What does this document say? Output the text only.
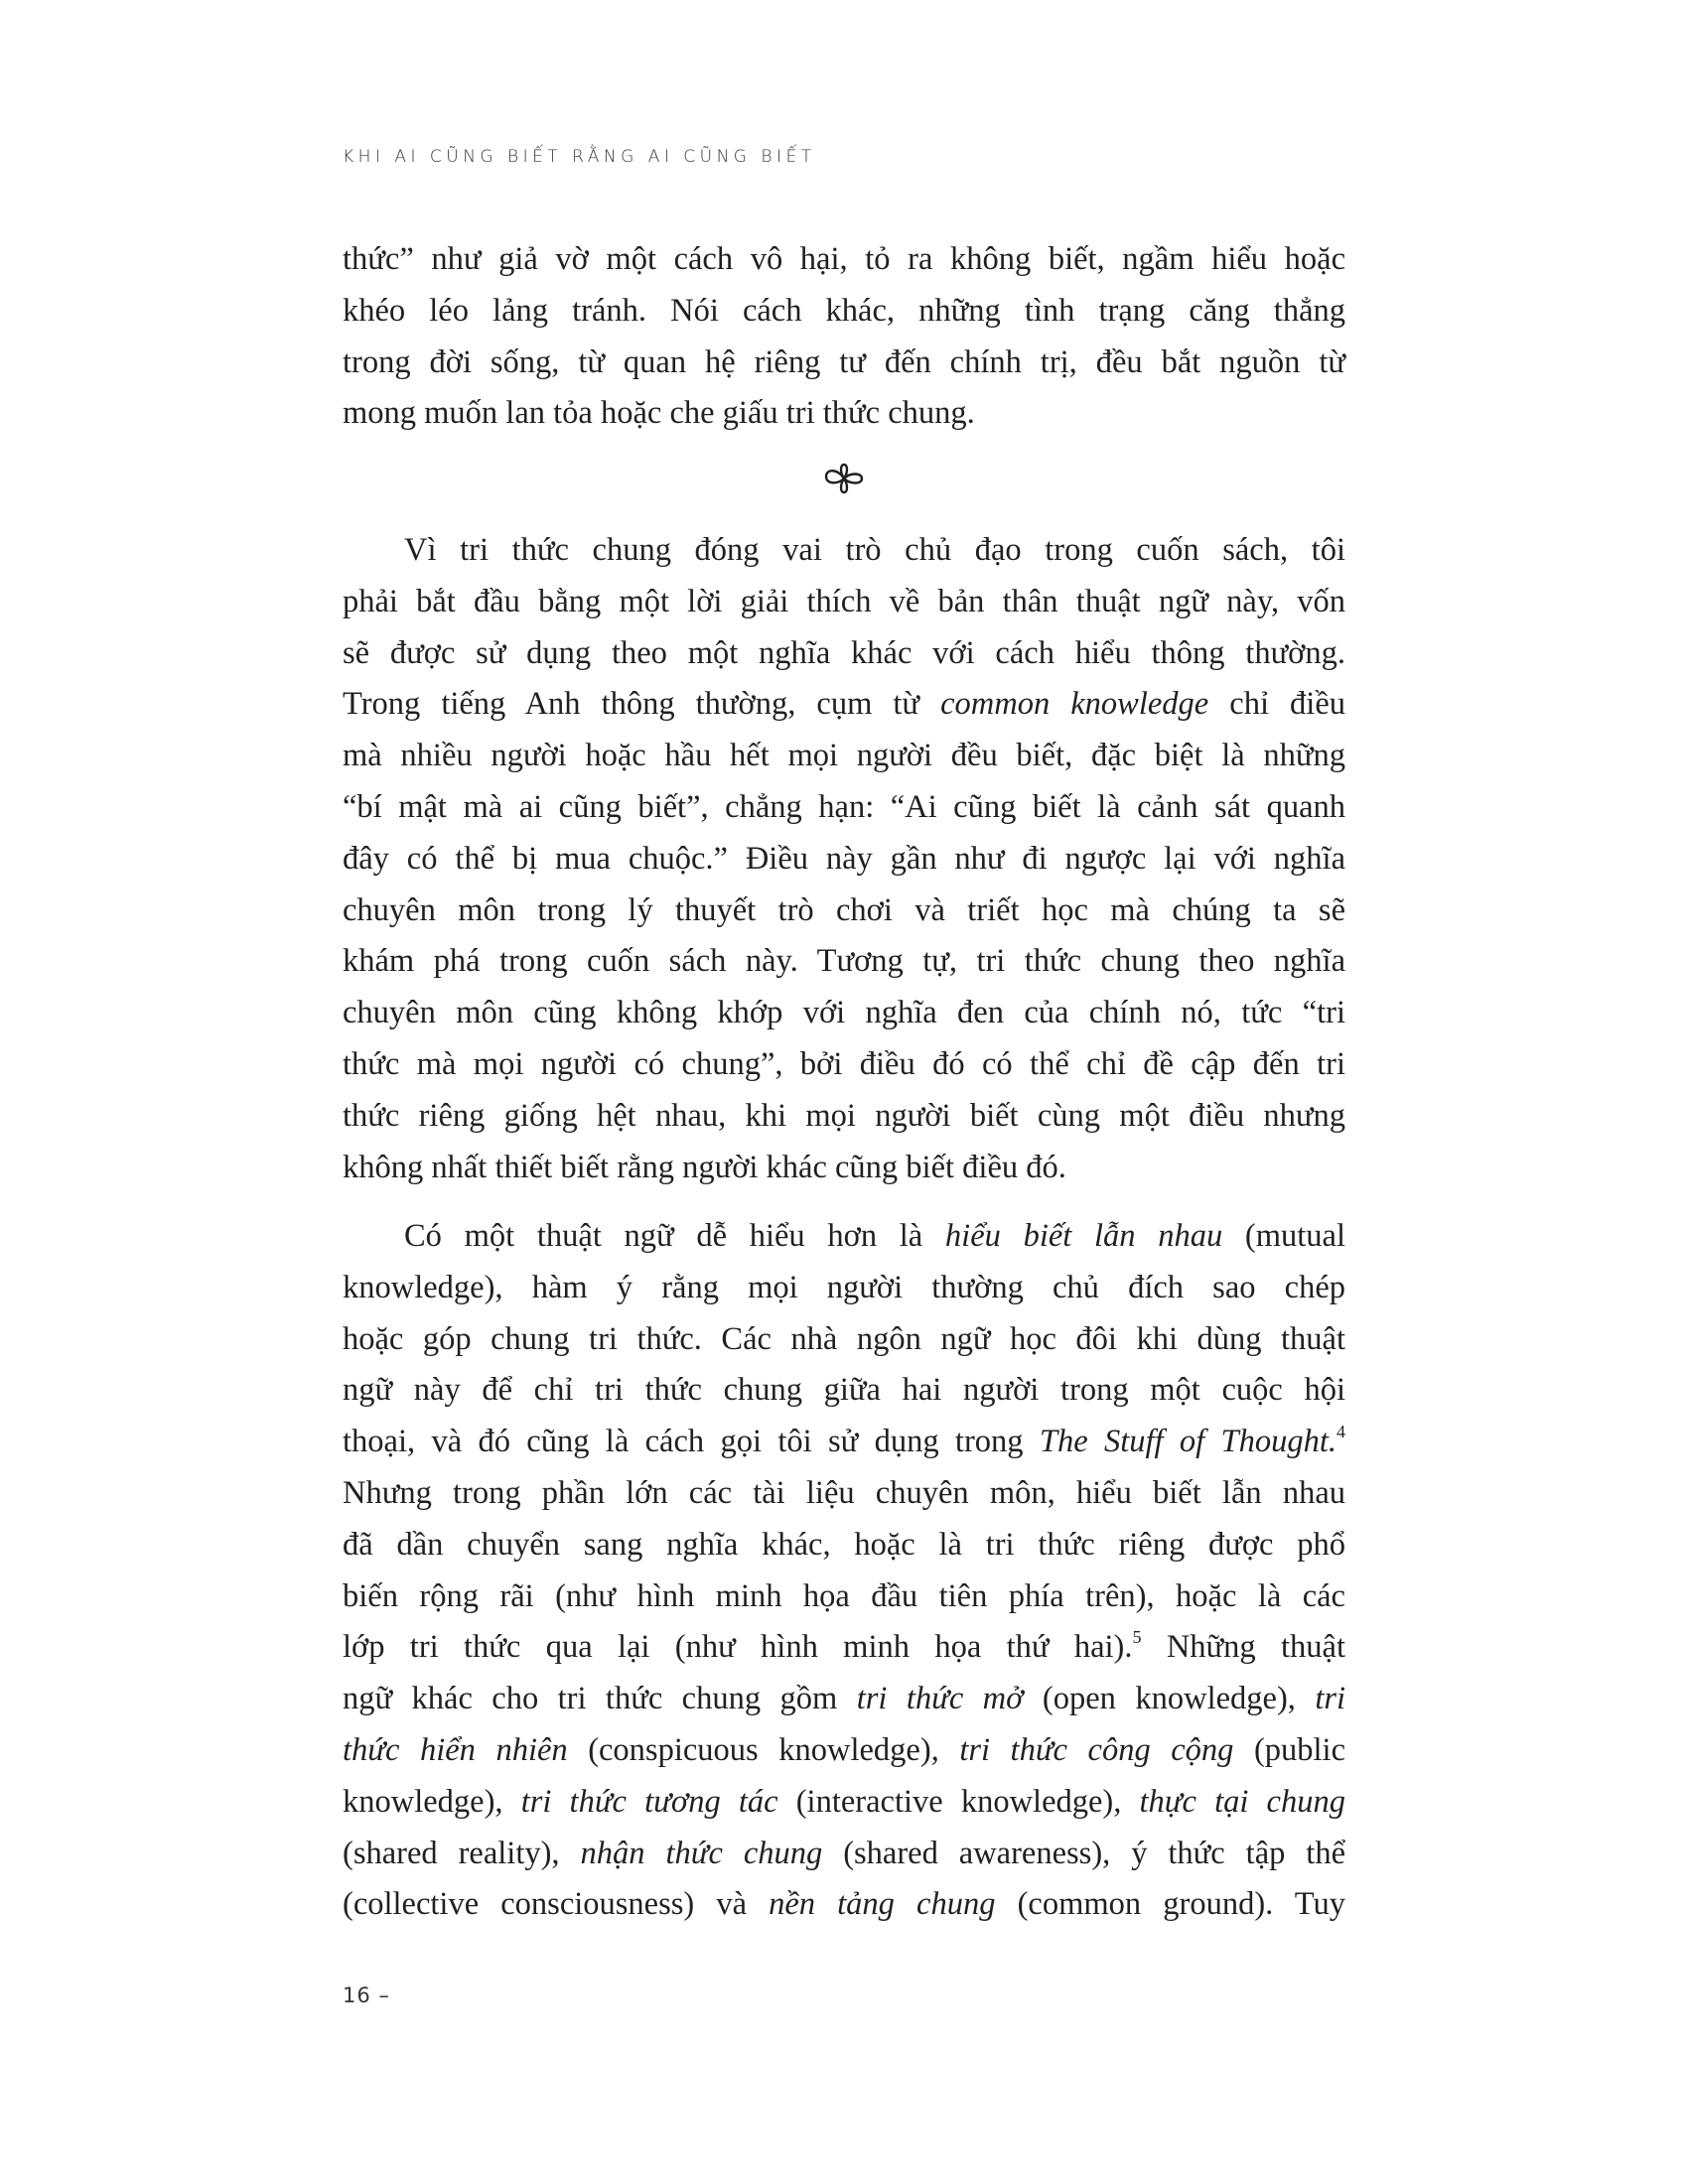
KHI AI CŨNG BIẾT RẰNG AI CŨNG BIẾT
thức” như giả vờ một cách vô hại, tỏ ra không biết, ngầm hiểu hoặc
khéo léo lảng tránh. Nói cách khác, những tình trạng căng thẳng
trong đời sống, từ quan hệ riêng tư đến chính trị, đều bắt nguồn từ
mong muốn lan tỏa hoặc che giấu tri thức chung.
Vì tri thức chung đóng vai trò chủ đạo trong cuốn sách, tôi
phải bắt đầu bằng một lời giải thích về bản thân thuật ngữ này, vốn
sẽ được sử dụng theo một nghĩa khác với cách hiểu thông thường.
Trong tiếng Anh thông thường, cụm từ common knowledge chỉ điều
mà nhiều người hoặc hầu hết mọi người đều biết, đặc biệt là những
“bí mật mà ai cũng biết”, chẳng hạn: “Ai cũng biết là cảnh sát quanh
đây có thể bị mua chuộc.” Điều này gần như đi ngược lại với nghĩa
chuyên môn trong lý thuyết trò chơi và triết học mà chúng ta sẽ
khám phá trong cuốn sách này. Tương tự, tri thức chung theo nghĩa
chuyên môn cũng không khớp với nghĩa đen của chính nó, tức “tri
thức mà mọi người có chung”, bởi điều đó có thể chỉ đề cập đến tri
thức riêng giống hệt nhau, khi mọi người biết cùng một điều nhưng
không nhất thiết biết rằng người khác cũng biết điều đó.
Có một thuật ngữ dễ hiểu hơn là hiểu biết lẫn nhau (mutual
knowledge), hàm ý rằng mọi người thường chủ đích sao chép
hoặc góp chung tri thức. Các nhà ngôn ngữ học đôi khi dùng thuật
ngữ này để chỉ tri thức chung giữa hai người trong một cuộc hội
thoại, và đó cũng là cách gọi tôi sử dụng trong The Stuff of Thought.$^4$
Nhưng trong phần lớn các tài liệu chuyên môn, hiểu biết lẫn nhau
đã dần chuyển sang nghĩa khác, hoặc là tri thức riêng được phổ
biến rộng rãi (như hình minh họa đầu tiên phía trên), hoặc là các
lớp tri thức qua lại (như hình minh họa thứ hai).$^5$ Những thuật
ngữ khác cho tri thức chung gồm tri thức mở (open knowledge), tri
thức hiển nhiên (conspicuous knowledge), tri thức công cộng (public
knowledge), tri thức tương tác (interactive knowledge), thực tại chung
(shared reality), nhận thức chung (shared awareness), ý thức tập thể
(collective consciousness) và nền tảng chung (common ground). Tuy
16 –
